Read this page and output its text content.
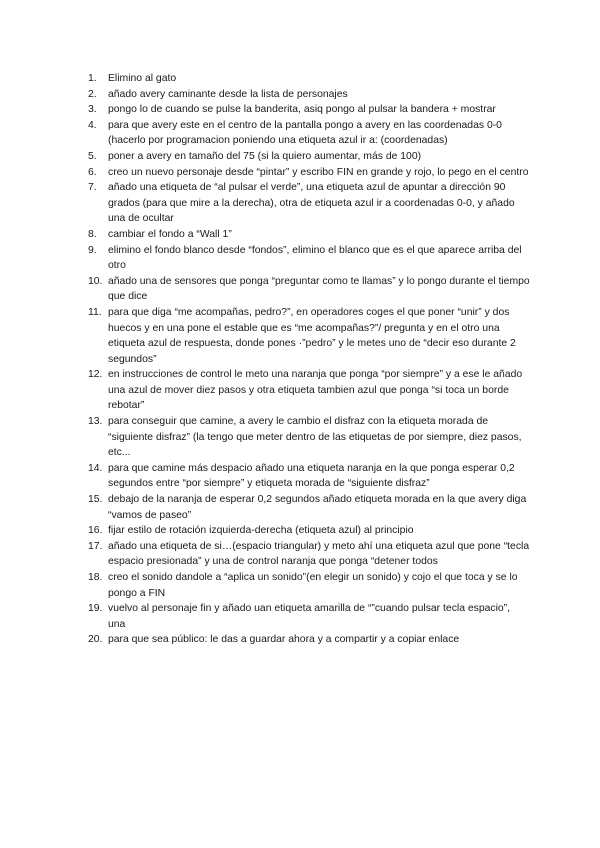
1.	Elimino al gato
2.	añado avery caminante desde la lista de personajes
3.	pongo lo de cuando se pulse la banderita, asiq pongo al pulsar la bandera + mostrar
4.	para que avery este en el centro de la pantalla pongo a avery en las coordenadas 0-0 (hacerlo por programacion poniendo una etiqueta azul ir a: (coordenadas)
5.	poner a avery en tamaño del 75 (si la quiero aumentar, más de 100)
6.	creo un nuevo personaje desde “pintar” y escribo FIN en grande y rojo, lo pego en el centro
7.	añado una etiqueta de “al pulsar el verde”, una etiqueta azul de apuntar a dirección 90 grados (para que mire a la derecha), otra de etiqueta azul ir a coordenadas 0-0, y añado una de ocultar
8.	cambiar el fondo a “Wall 1”
9.	elimino el fondo blanco desde “fondos”, elimino el blanco que es el que aparece arriba del otro
10. añado una de sensores que ponga “preguntar como te llamas” y lo pongo durante el tiempo que dice
11. para que diga “me acompañas, pedro?”, en operadores coges el que poner “unir” y dos huecos y en una pone el estable que es “me acompañas?”/ pregunta y en el otro una etiqueta azul de respuesta, donde pones ·”pedro” y le metes uno de “decir eso durante 2 segundos”
12. en instrucciones de control le meto una naranja que ponga “por siempre” y a ese le añado una azul de mover diez pasos y otra etiqueta tambien azul que ponga “si toca un borde rebotar”
13. para conseguir que camine, a avery le cambio el disfraz con la etiqueta morada de “siguiente disfraz” (la tengo que meter dentro de las etiquetas de por siempre, diez pasos, etc...
14. para que camine más despacio añado una etiqueta naranja en la que ponga esperar 0,2 segundos entre “por siempre” y etiqueta morada de “siguiente disfraz”
15. debajo de la naranja de esperar 0,2 segundos añado etiqueta morada en la que avery diga “vamos de paseo”
16. fijar estilo de rotación izquierda-derecha (etiqueta azul) al principio
17. añado una etiqueta de si…(espacio triangular) y meto ahí una etiqueta azul que pone “tecla espacio presionada” y una de control naranja que ponga “detener todos
18. creo el sonido dandole a “aplica un sonido”(en elegir un sonido) y cojo el que toca y se lo pongo a FIN
19. vuelvo al personaje fin y añado uan etiqueta amarilla de “”cuando pulsar tecla espacio”, una
20. para que sea público: le das a guardar ahora y a compartir y a copiar enlace
